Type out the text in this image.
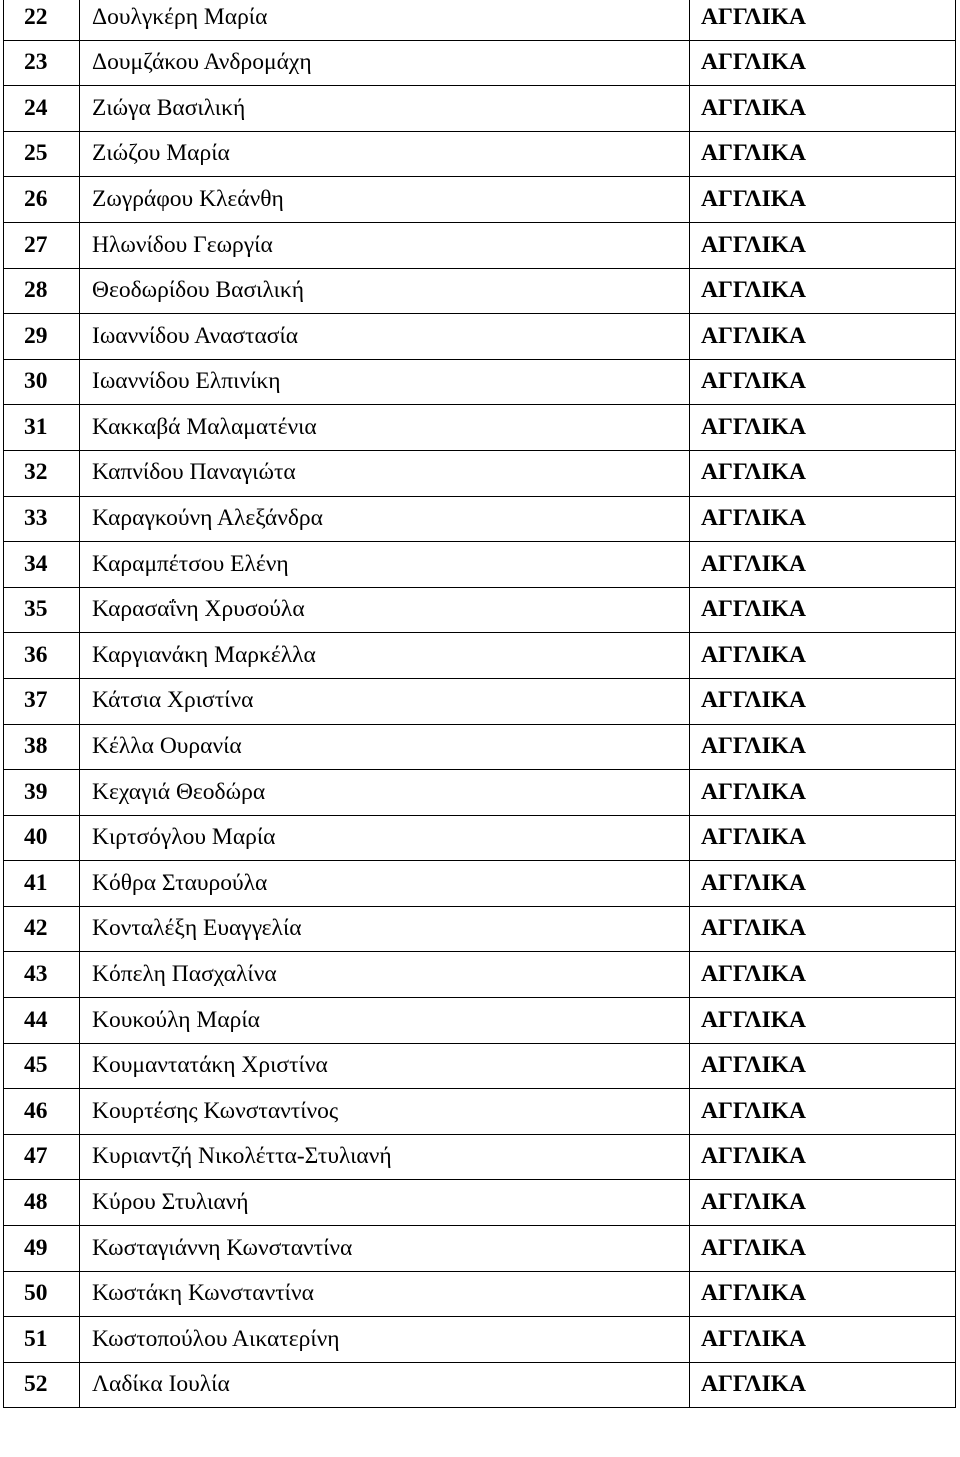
22	Δουλγκέρη Μαρία	ΑΓΓΛΙΚΑ
23	Δουμζάκου Ανδρομάχη	ΑΓΓΛΙΚΑ
24	Ζιώγα Βασιλική	ΑΓΓΛΙΚΑ
25	Ζιώζου Μαρία	ΑΓΓΛΙΚΑ
26	Ζωγράφου Κλεάνθη	ΑΓΓΛΙΚΑ
27	Ηλωνίδου Γεωργία	ΑΓΓΛΙΚΑ
28	Θεοδωρίδου Βασιλική	ΑΓΓΛΙΚΑ
29	Ιωαννίδου Αναστασία	ΑΓΓΛΙΚΑ
30	Ιωαννίδου Ελπινίκη	ΑΓΓΛΙΚΑ
31	Κακκαβά Μαλαματένια	ΑΓΓΛΙΚΑ
32	Καπνίδου Παναγιώτα	ΑΓΓΛΙΚΑ
33	Καραγκούνη Αλεξάνδρα	ΑΓΓΛΙΚΑ
34	Καραμπέτσου Ελένη	ΑΓΓΛΙΚΑ
35	Καρασαΐνη Χρυσούλα	ΑΓΓΛΙΚΑ
36	Καργιανάκη Μαρκέλλα	ΑΓΓΛΙΚΑ
37	Κάτσια Χριστίνα	ΑΓΓΛΙΚΑ
38	Κέλλα Ουρανία	ΑΓΓΛΙΚΑ
39	Κεχαγιά Θεοδώρα	ΑΓΓΛΙΚΑ
40	Κιρτσόγλου Μαρία	ΑΓΓΛΙΚΑ
41	Κόθρα Σταυρούλα	ΑΓΓΛΙΚΑ
42	Κονταλέξη Ευαγγελία	ΑΓΓΛΙΚΑ
43	Κόπελη Πασχαλίνα	ΑΓΓΛΙΚΑ
44	Κουκούλη Μαρία	ΑΓΓΛΙΚΑ
45	Κουμαντατάκη Χριστίνα	ΑΓΓΛΙΚΑ
46	Κουρτέσης Κωνσταντίνος	ΑΓΓΛΙΚΑ
47	Κυριαντζή Νικολέττα-Στυλιανή	ΑΓΓΛΙΚΑ
48	Κύρου Στυλιανή	ΑΓΓΛΙΚΑ
49	Κωσταγιάννη Κωνσταντίνα	ΑΓΓΛΙΚΑ
50	Κωστάκη Κωνσταντίνα	ΑΓΓΛΙΚΑ
51	Κωστοπούλου Αικατερίνη	ΑΓΓΛΙΚΑ
52	Λαδίκα Ιουλία	ΑΓΓΛΙΚΑ
